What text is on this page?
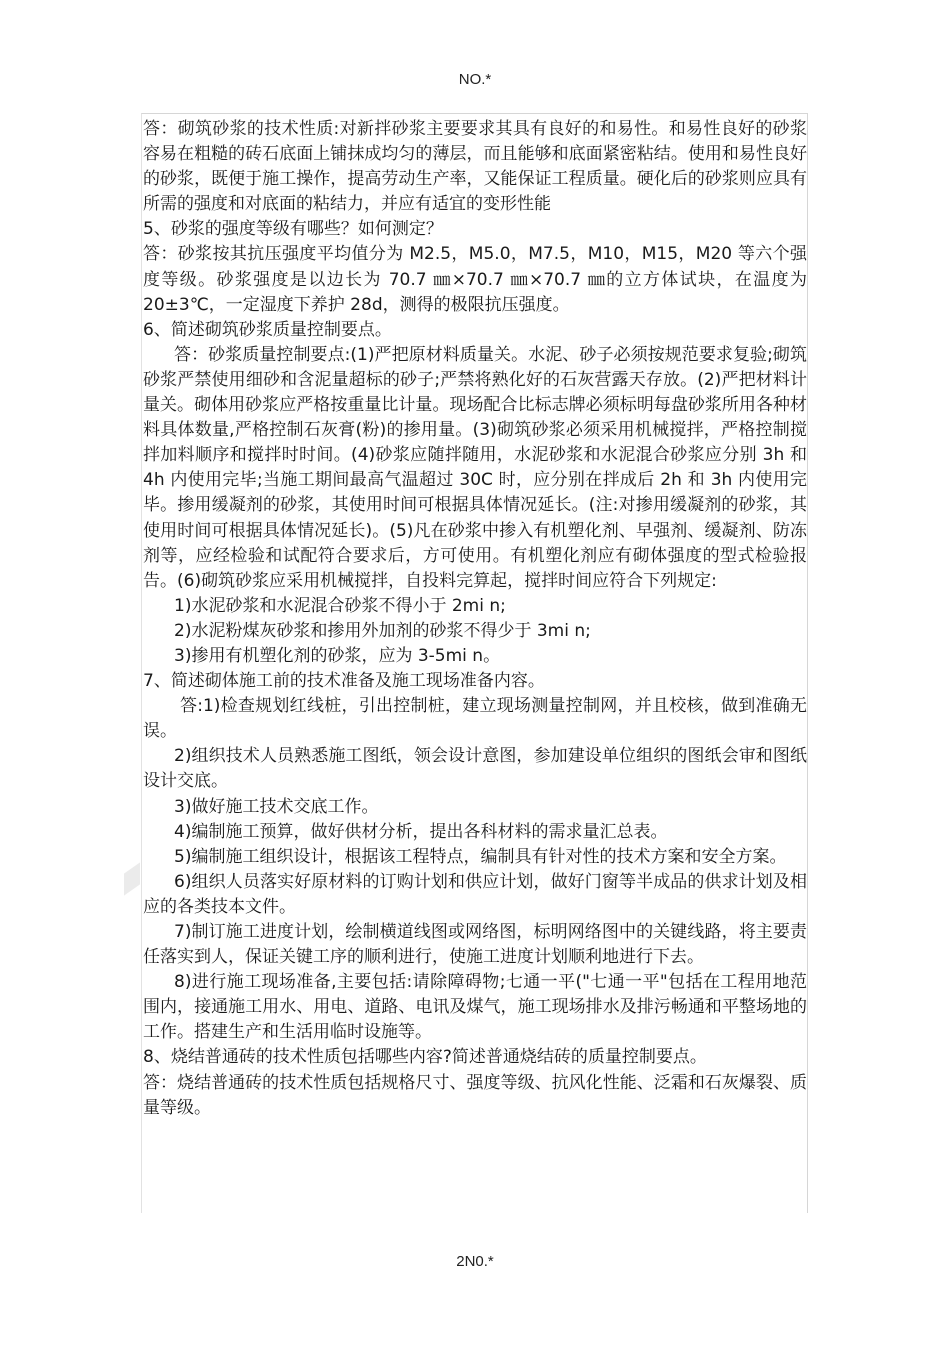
NO.*

答：砌筑砂浆的技术性质:对新拌砂浆主要要求其具有良好的和易性。和易性良好的砂浆容易在粗糙的砖石底面上铺抹成均匀的薄层，而且能够和底面紧密粘结。使用和易性良好的砂浆，既便于施工操作，提高劳动生产率，又能保证工程质量。硬化后的砂浆则应具有所需的强度和对底面的粘结力，并应有适宜的变形性能

5、砂浆的强度等级有哪些？如何测定？

答：砂浆按其抗压强度平均值分为 M2.5，M5.0，M7.5，M10，M15，M20 等六个强度等级。砂浆强度是以边长为 70.7 ㎜×70.7 ㎜×70.7 ㎜的立方体试块，在温度为 20±3℃，一定湿度下养护 28d，测得的极限抗压强度。

6、简述砌筑砂浆质量控制要点。

答：砂浆质量控制要点:(1)严把原材料质量关。水泥、砂子必须按规范要求复验;砌筑砂浆严禁使用细砂和含泥量超标的砂子;严禁将熟化好的石灰营露天存放。(2)严把材料计量关。砌体用砂浆应严格按重量比计量。现场配合比标志牌必须标明每盘砂浆所用各种材料具体数量,严格控制石灰膏(粉)的掺用量。(3)砌筑砂浆必须采用机械搅拌，严格控制搅拌加料顺序和搅拌时时间。(4)砂浆应随拌随用，水泥砂浆和水泥混合砂浆应分别 3h 和 4h 内使用完毕;当施工期间最高气温超过 30C 时，应分别在拌成后 2h 和 3h 内使用完毕。掺用缓凝剂的砂浆，其使用时间可根据具体情况延长。(注:对掺用缓凝剂的砂浆，其使用时间可根据具体情况延长)。(5)凡在砂浆中掺入有机塑化剂、早强剂、缓凝剂、防冻剂等，应经检验和试配符合要求后，方可使用。有机塑化剂应有砌体强度的型式检验报告。(6)砌筑砂浆应采用机械搅拌，自投料完算起，搅拌时间应符合下列规定:

1)水泥砂浆和水泥混合砂浆不得小于 2mi n;

2)水泥粉煤灰砂浆和掺用外加剂的砂浆不得少于 3mi n;

3)掺用有机塑化剂的砂浆，应为 3-5mi n。

7、简述砌体施工前的技术准备及施工现场准备内容。

答:1)检查规划红线桩，引出控制桩，建立现场测量控制网，并且校核，做到准确无误。

2)组织技术人员熟悉施工图纸，领会设计意图，参加建设单位组织的图纸会审和图纸设计交底。

3)做好施工技术交底工作。

4)编制施工预算，做好供材分析，提出各科材料的需求量汇总表。

5)编制施工组织设计，根据该工程特点，编制具有针对性的技术方案和安全方案。

6)组织人员落实好原材料的订购计划和供应计划，做好门窗等半成品的供求计划及相应的各类技本文件。

7)制订施工进度计划，绘制横道线图或网络图，标明网络图中的关键线路，将主要责任落实到人，保证关键工序的顺利进行，使施工进度计划顺利地进行下去。

8)进行施工现场准备,主要包括:请除障碍物;七通一平("七通一平"包括在工程用地范围内，接通施工用水、用电、道路、电讯及煤气，施工现场排水及排污畅通和平整场地的工作。搭建生产和生活用临时设施等。

8、烧结普通砖的技术性质包括哪些内容?简述普通烧结砖的质量控制要点。

答：烧结普通砖的技术性质包括规格尺寸、强度等级、抗风化性能、泛霜和石灰爆裂、质量等级。

2N0.*
